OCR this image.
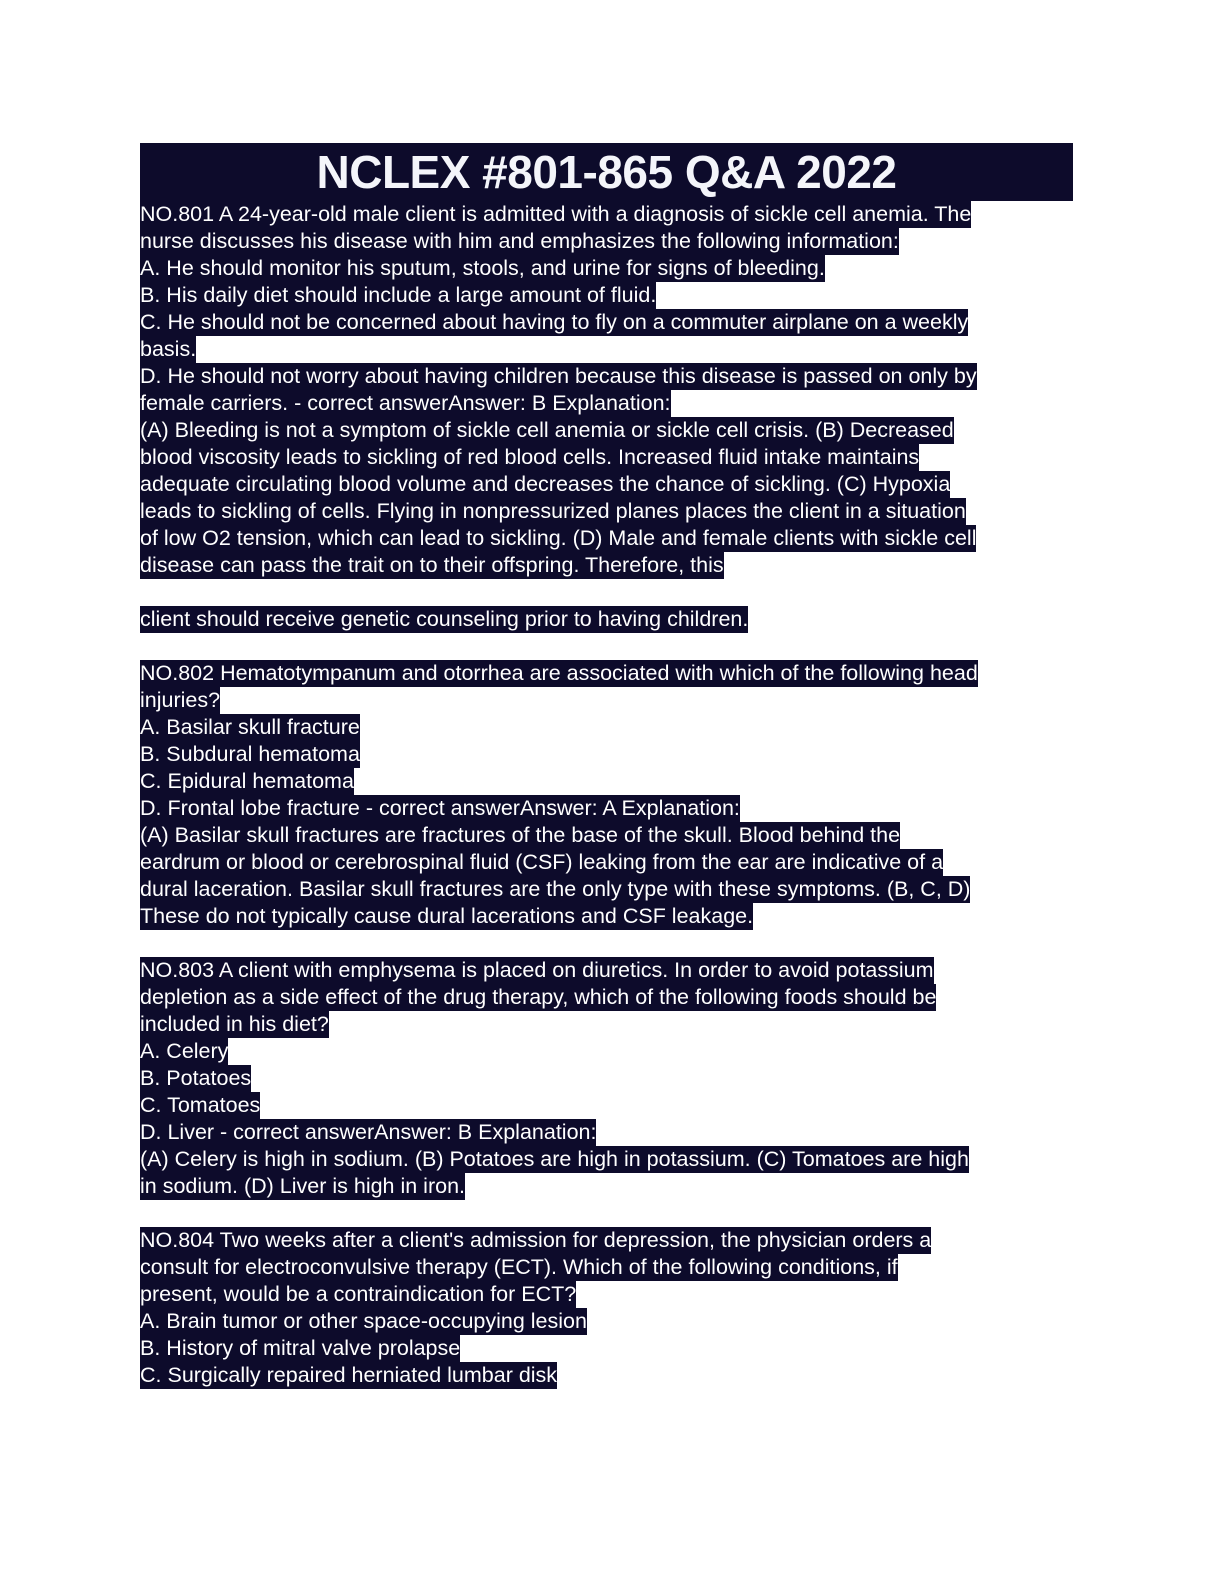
NCLEX #801-865 Q&A 2022
NO.801 A 24-year-old male client is admitted with a diagnosis of sickle cell anemia. The
nurse discusses his disease with him and emphasizes the following information:
A. He should monitor his sputum, stools, and urine for signs of bleeding.
B. His daily diet should include a large amount of fluid.
C. He should not be concerned about having to fly on a commuter airplane on a weekly
basis.
D. He should not worry about having children because this disease is passed on only by
female carriers. - correct answerAnswer: B Explanation:
(A) Bleeding is not a symptom of sickle cell anemia or sickle cell crisis. (B) Decreased
blood viscosity leads to sickling of red blood cells. Increased fluid intake maintains
adequate circulating blood volume and decreases the chance of sickling. (C) Hypoxia
leads to sickling of cells. Flying in nonpressurized planes places the client in a situation
of low O2 tension, which can lead to sickling. (D) Male and female clients with sickle cell
disease can pass the trait on to their offspring. Therefore, this
client should receive genetic counseling prior to having children.
NO.802 Hematotympanum and otorrhea are associated with which of the following head
injuries?
A. Basilar skull fracture
B. Subdural hematoma
C. Epidural hematoma
D. Frontal lobe fracture - correct answerAnswer: A Explanation:
(A) Basilar skull fractures are fractures of the base of the skull. Blood behind the
eardrum or blood or cerebrospinal fluid (CSF) leaking from the ear are indicative of a
dural laceration. Basilar skull fractures are the only type with these symptoms. (B, C, D)
These do not typically cause dural lacerations and CSF leakage.
NO.803 A client with emphysema is placed on diuretics. In order to avoid potassium
depletion as a side effect of the drug therapy, which of the following foods should be
included in his diet?
A. Celery
B. Potatoes
C. Tomatoes
D. Liver - correct answerAnswer: B Explanation:
(A) Celery is high in sodium. (B) Potatoes are high in potassium. (C) Tomatoes are high
in sodium. (D) Liver is high in iron.
NO.804 Two weeks after a client's admission for depression, the physician orders a
consult for electroconvulsive therapy (ECT). Which of the following conditions, if
present, would be a contraindication for ECT?
A. Brain tumor or other space-occupying lesion
B. History of mitral valve prolapse
C. Surgically repaired herniated lumbar disk
